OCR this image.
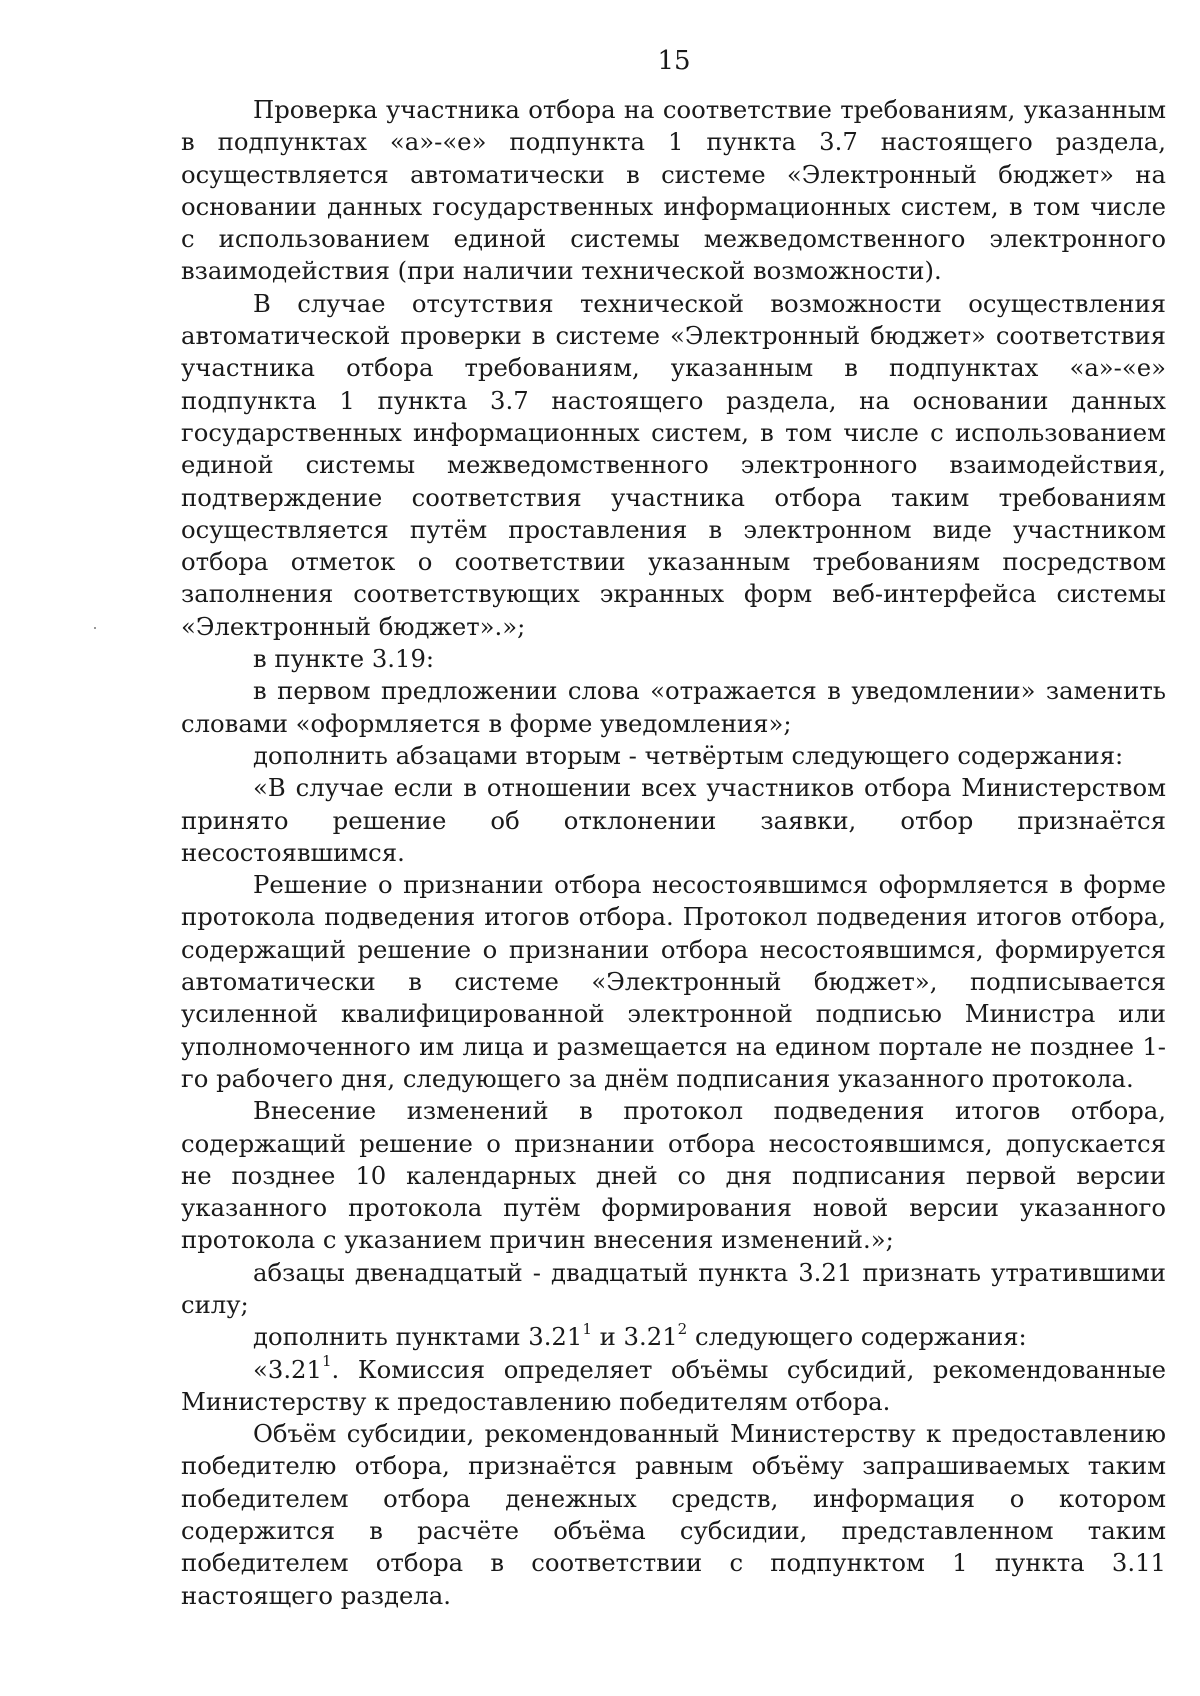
15

Проверка участника отбора на соответствие требованиям, указанным в подпунктах «а»-«е» подпункта 1 пункта 3.7 настоящего раздела, осуществляется автоматически в системе «Электронный бюджет» на основании данных государственных информационных систем, в том числе с использованием единой системы межведомственного электронного взаимодействия (при наличии технической возможности).

В случае отсутствия технической возможности осуществления автоматической проверки в системе «Электронный бюджет» соответствия участника отбора требованиям, указанным в подпунктах «а»-«е» подпункта 1 пункта 3.7 настоящего раздела, на основании данных государственных информационных систем, в том числе с использованием единой системы межведомственного электронного взаимодействия, подтверждение соответствия участника отбора таким требованиям осуществляется путём проставления в электронном виде участником отбора отметок о соответствии указанным требованиям посредством заполнения соответствующих экранных форм веб-интерфейса системы «Электронный бюджет».»;

в пункте 3.19:

в первом предложении слова «отражается в уведомлении» заменить словами «оформляется в форме уведомления»;

дополнить абзацами вторым - четвёртым следующего содержания:

«В случае если в отношении всех участников отбора Министерством принято решение об отклонении заявки, отбор признаётся несостоявшимся.

Решение о признании отбора несостоявшимся оформляется в форме протокола подведения итогов отбора. Протокол подведения итогов отбора, содержащий решение о признании отбора несостоявшимся, формируется автоматически в системе «Электронный бюджет», подписывается усиленной квалифицированной электронной подписью Министра или уполномоченного им лица и размещается на едином портале не позднее 1-го рабочего дня, следующего за днём подписания указанного протокола.

Внесение изменений в протокол подведения итогов отбора, содержащий решение о признании отбора несостоявшимся, допускается не позднее 10 календарных дней со дня подписания первой версии указанного протокола путём формирования новой версии указанного протокола с указанием причин внесения изменений.»;

абзацы двенадцатый - двадцатый пункта 3.21 признать утратившими силу;

дополнить пунктами 3.21$^1$ и 3.21$^2$ следующего содержания:

«3.21$^1$. Комиссия определяет объёмы субсидий, рекомендованные Министерству к предоставлению победителям отбора.

Объём субсидии, рекомендованный Министерству к предоставлению победителю отбора, признаётся равным объёму запрашиваемых таким победителем отбора денежных средств, информация о котором содержится в расчёте объёма субсидии, представленном таким победителем отбора в соответствии с подпунктом 1 пункта 3.11 настоящего раздела.
